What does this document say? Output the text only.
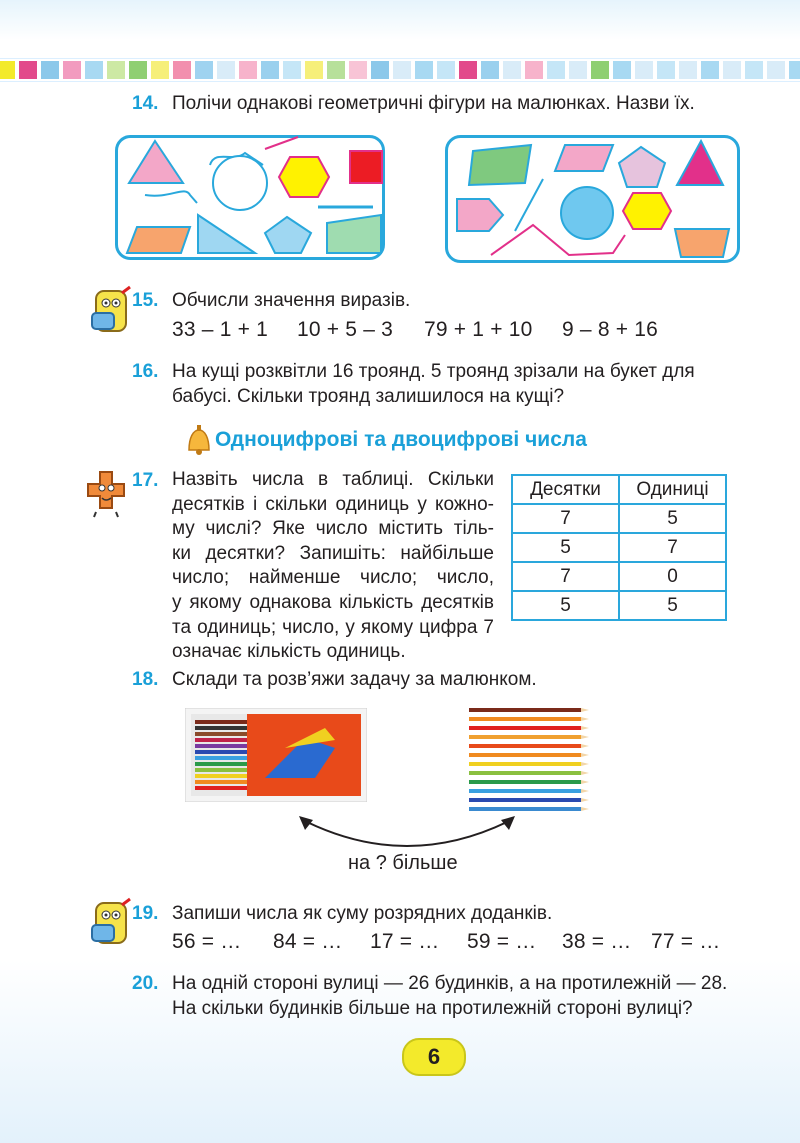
14. Полічи однакові геометричні фігури на малюнках. Назви їх.
15. Обчисли значення виразів.
33 – 1 + 1 10 + 5 – 3 79 + 1 + 10 9 – 8 + 16
16. На кущі розквітли 16 троянд. 5 троянд зрізали на букет для
бабусі. Скільки троянд залишилося на кущі?
Одноцифрові та двоцифрові числа
17. Назвіть числа в таблиці. Скільки
десятків і скільки одиниць у кожно-
му числі? Яке число містить тіль-
ки десятки? Запишіть: найбільше
число; найменше число; число,
у якому однакова кількість десятків
та одиниць; число, у якому цифра 7
означає кількість одиниць.
Десятки	Одиниці
7	5
5	7
7	0
5	5
18. Склади та розв’яжи задачу за малюнком.
на ? більше
19. Запиши числа як суму розрядних доданків.
56 = … 84 = … 17 = … 59 = … 38 = … 77 = …
20. На одній стороні вулиці — 26 будинків, а на протилежній — 28.
На скільки будинків більше на протилежній стороні вулиці?
6
